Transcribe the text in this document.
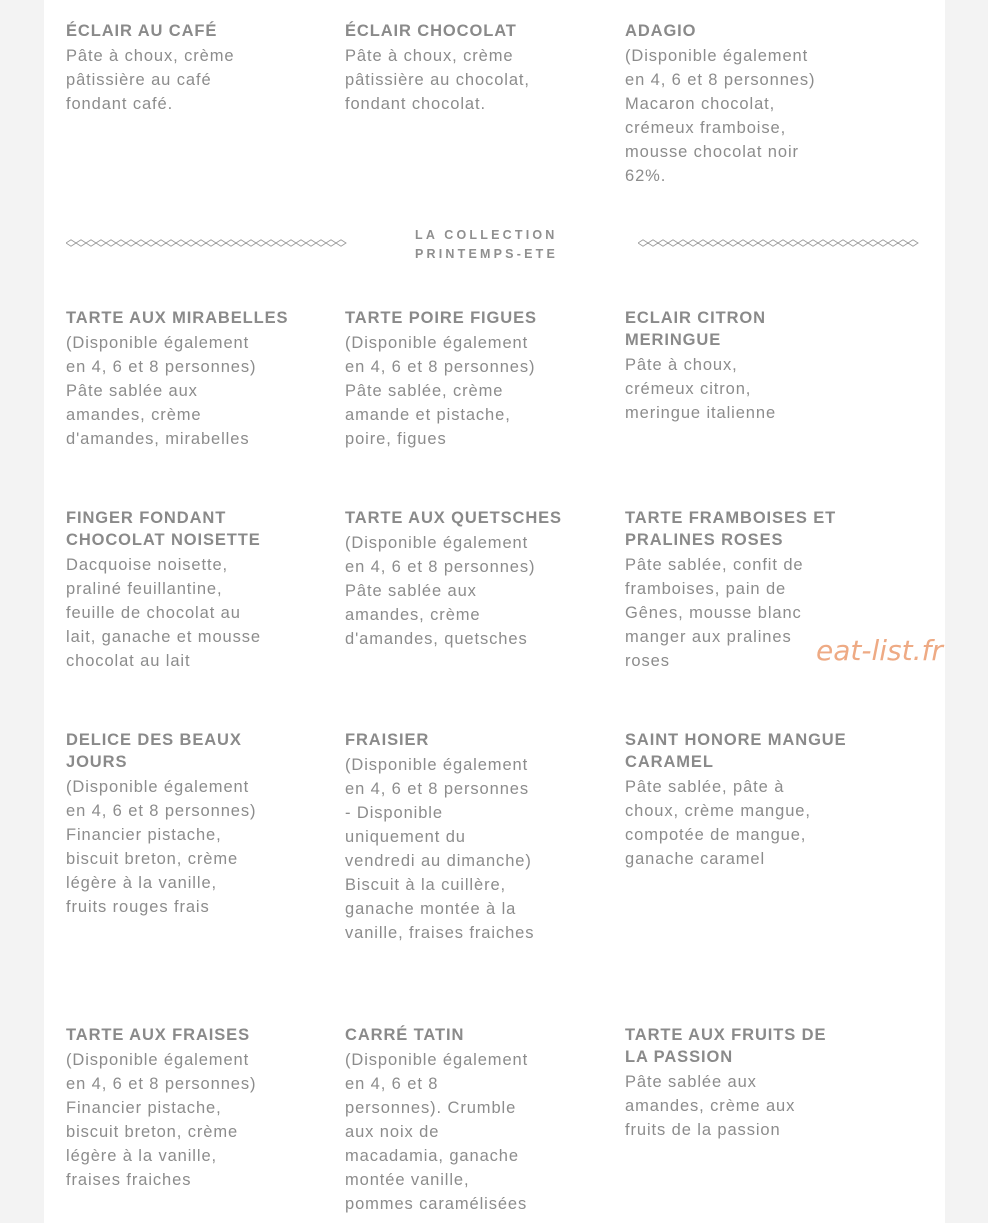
ÉCLAIR AU CAFÉ
Pâte à choux, crème pâtissière au café fondant café.
ÉCLAIR CHOCOLAT
Pâte à choux, crème pâtissière au chocolat, fondant chocolat.
ADAGIO
(Disponible également en 4, 6 et 8 personnes) Macaron chocolat, crémeux framboise, mousse chocolat noir 62%.
LA COLLECTION PRINTEMPS-ETE
TARTE AUX MIRABELLES
(Disponible également en 4, 6 et 8 personnes) Pâte sablée aux amandes, crème d'amandes, mirabelles
TARTE POIRE FIGUES
(Disponible également en 4, 6 et 8 personnes) Pâte sablée, crème amande et pistache, poire, figues
ECLAIR CITRON MERINGUE
Pâte à choux, crémeux citron, meringue italienne
FINGER FONDANT CHOCOLAT NOISETTE
Dacquoise noisette, praliné feuillantine, feuille de chocolat au lait, ganache et mousse chocolat au lait
TARTE AUX QUETSCHES
(Disponible également en 4, 6 et 8 personnes) Pâte sablée aux amandes, crème d'amandes, quetsches
TARTE FRAMBOISES ET PRALINES ROSES
Pâte sablée, confit de framboises, pain de Gênes, mousse blanc manger aux pralines roses
DELICE DES BEAUX JOURS
(Disponible également en 4, 6 et 8 personnes) Financier pistache, biscuit breton, crème légère à la vanille, fruits rouges frais
FRAISIER
(Disponible également en 4, 6 et 8 personnes - Disponible uniquement du vendredi au dimanche) Biscuit à la cuillère, ganache montée à la vanille, fraises fraiches
SAINT HONORE MANGUE CARAMEL
Pâte sablée, pâte à choux, crème mangue, compotée de mangue, ganache caramel
TARTE AUX FRAISES
(Disponible également en 4, 6 et 8 personnes) Financier pistache, biscuit breton, crème légère à la vanille, fraises fraiches
CARRÉ TATIN
(Disponible également en 4, 6 et 8 personnes). Crumble aux noix de macadamia, ganache montée vanille, pommes caramélisées
TARTE AUX FRUITS DE LA PASSION
Pâte sablée aux amandes, crème aux fruits de la passion
eat-list.fr
